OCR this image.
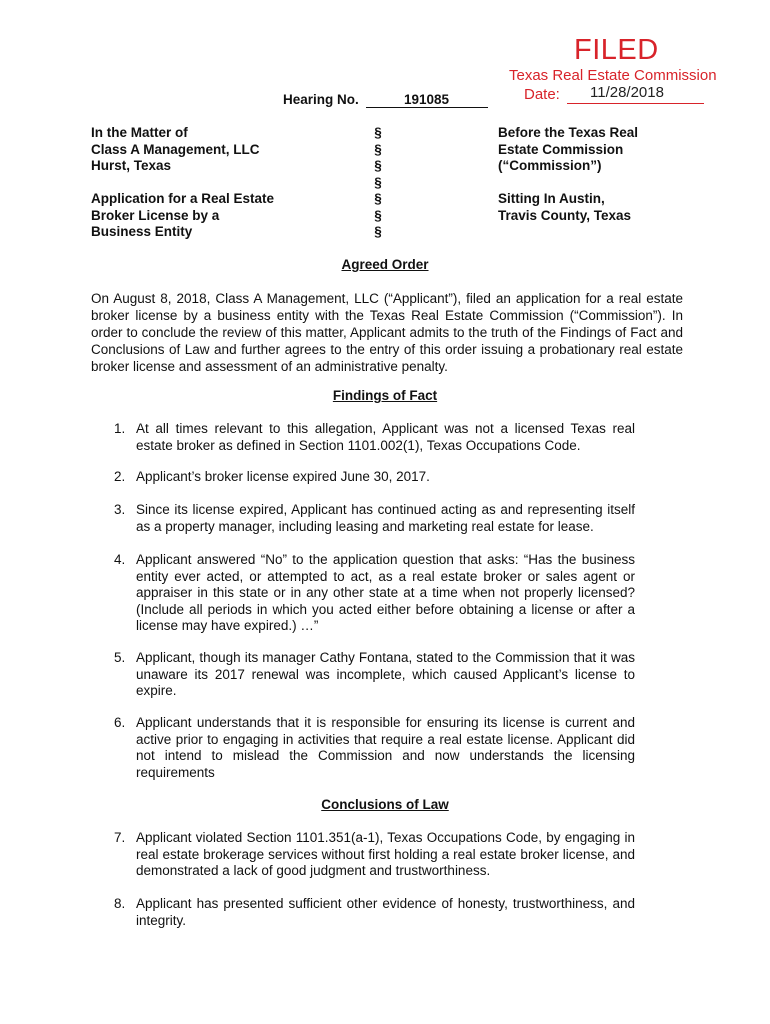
FILED
Texas Real Estate Commission
Date: 11/28/2018
Hearing No.	191085
In the Matter of
Class A Management, LLC
Hurst, Texas
Application for a Real Estate
Broker License by a
Business Entity
§
§
§
§
§
§
§
Before the Texas Real
Estate Commission
(“Commission”)
Sitting In Austin,
Travis County, Texas
Agreed Order

On August 8, 2018, Class A Management, LLC (“Applicant”), filed an application for a real estate broker license by a business entity with the Texas Real Estate Commission (“Commission”). In order to conclude the review of this matter, Applicant admits to the truth of the Findings of Fact and Conclusions of Law and further agrees to the entry of this order issuing a probationary real estate broker license and assessment of an administrative penalty.

Findings of Fact
1. At all times relevant to this allegation, Applicant was not a licensed Texas real estate broker as defined in Section 1101.002(1), Texas Occupations Code.
2. Applicant’s broker license expired June 30, 2017.
3. Since its license expired, Applicant has continued acting as and representing itself as a property manager, including leasing and marketing real estate for lease.
4. Applicant answered “No” to the application question that asks: “Has the business entity ever acted, or attempted to act, as a real estate broker or sales agent or appraiser in this state or in any other state at a time when not properly licensed? (Include all periods in which you acted either before obtaining a license or after a license may have expired.) …”
5. Applicant, though its manager Cathy Fontana, stated to the Commission that it was unaware its 2017 renewal was incomplete, which caused Applicant’s license to expire.
6. Applicant understands that it is responsible for ensuring its license is current and active prior to engaging in activities that require a real estate license. Applicant did not intend to mislead the Commission and now understands the licensing requirements
Conclusions of Law
7. Applicant violated Section 1101.351(a-1), Texas Occupations Code, by engaging in real estate brokerage services without first holding a real estate broker license, and demonstrated a lack of good judgment and trustworthiness.
8. Applicant has presented sufficient other evidence of honesty, trustworthiness, and integrity.
